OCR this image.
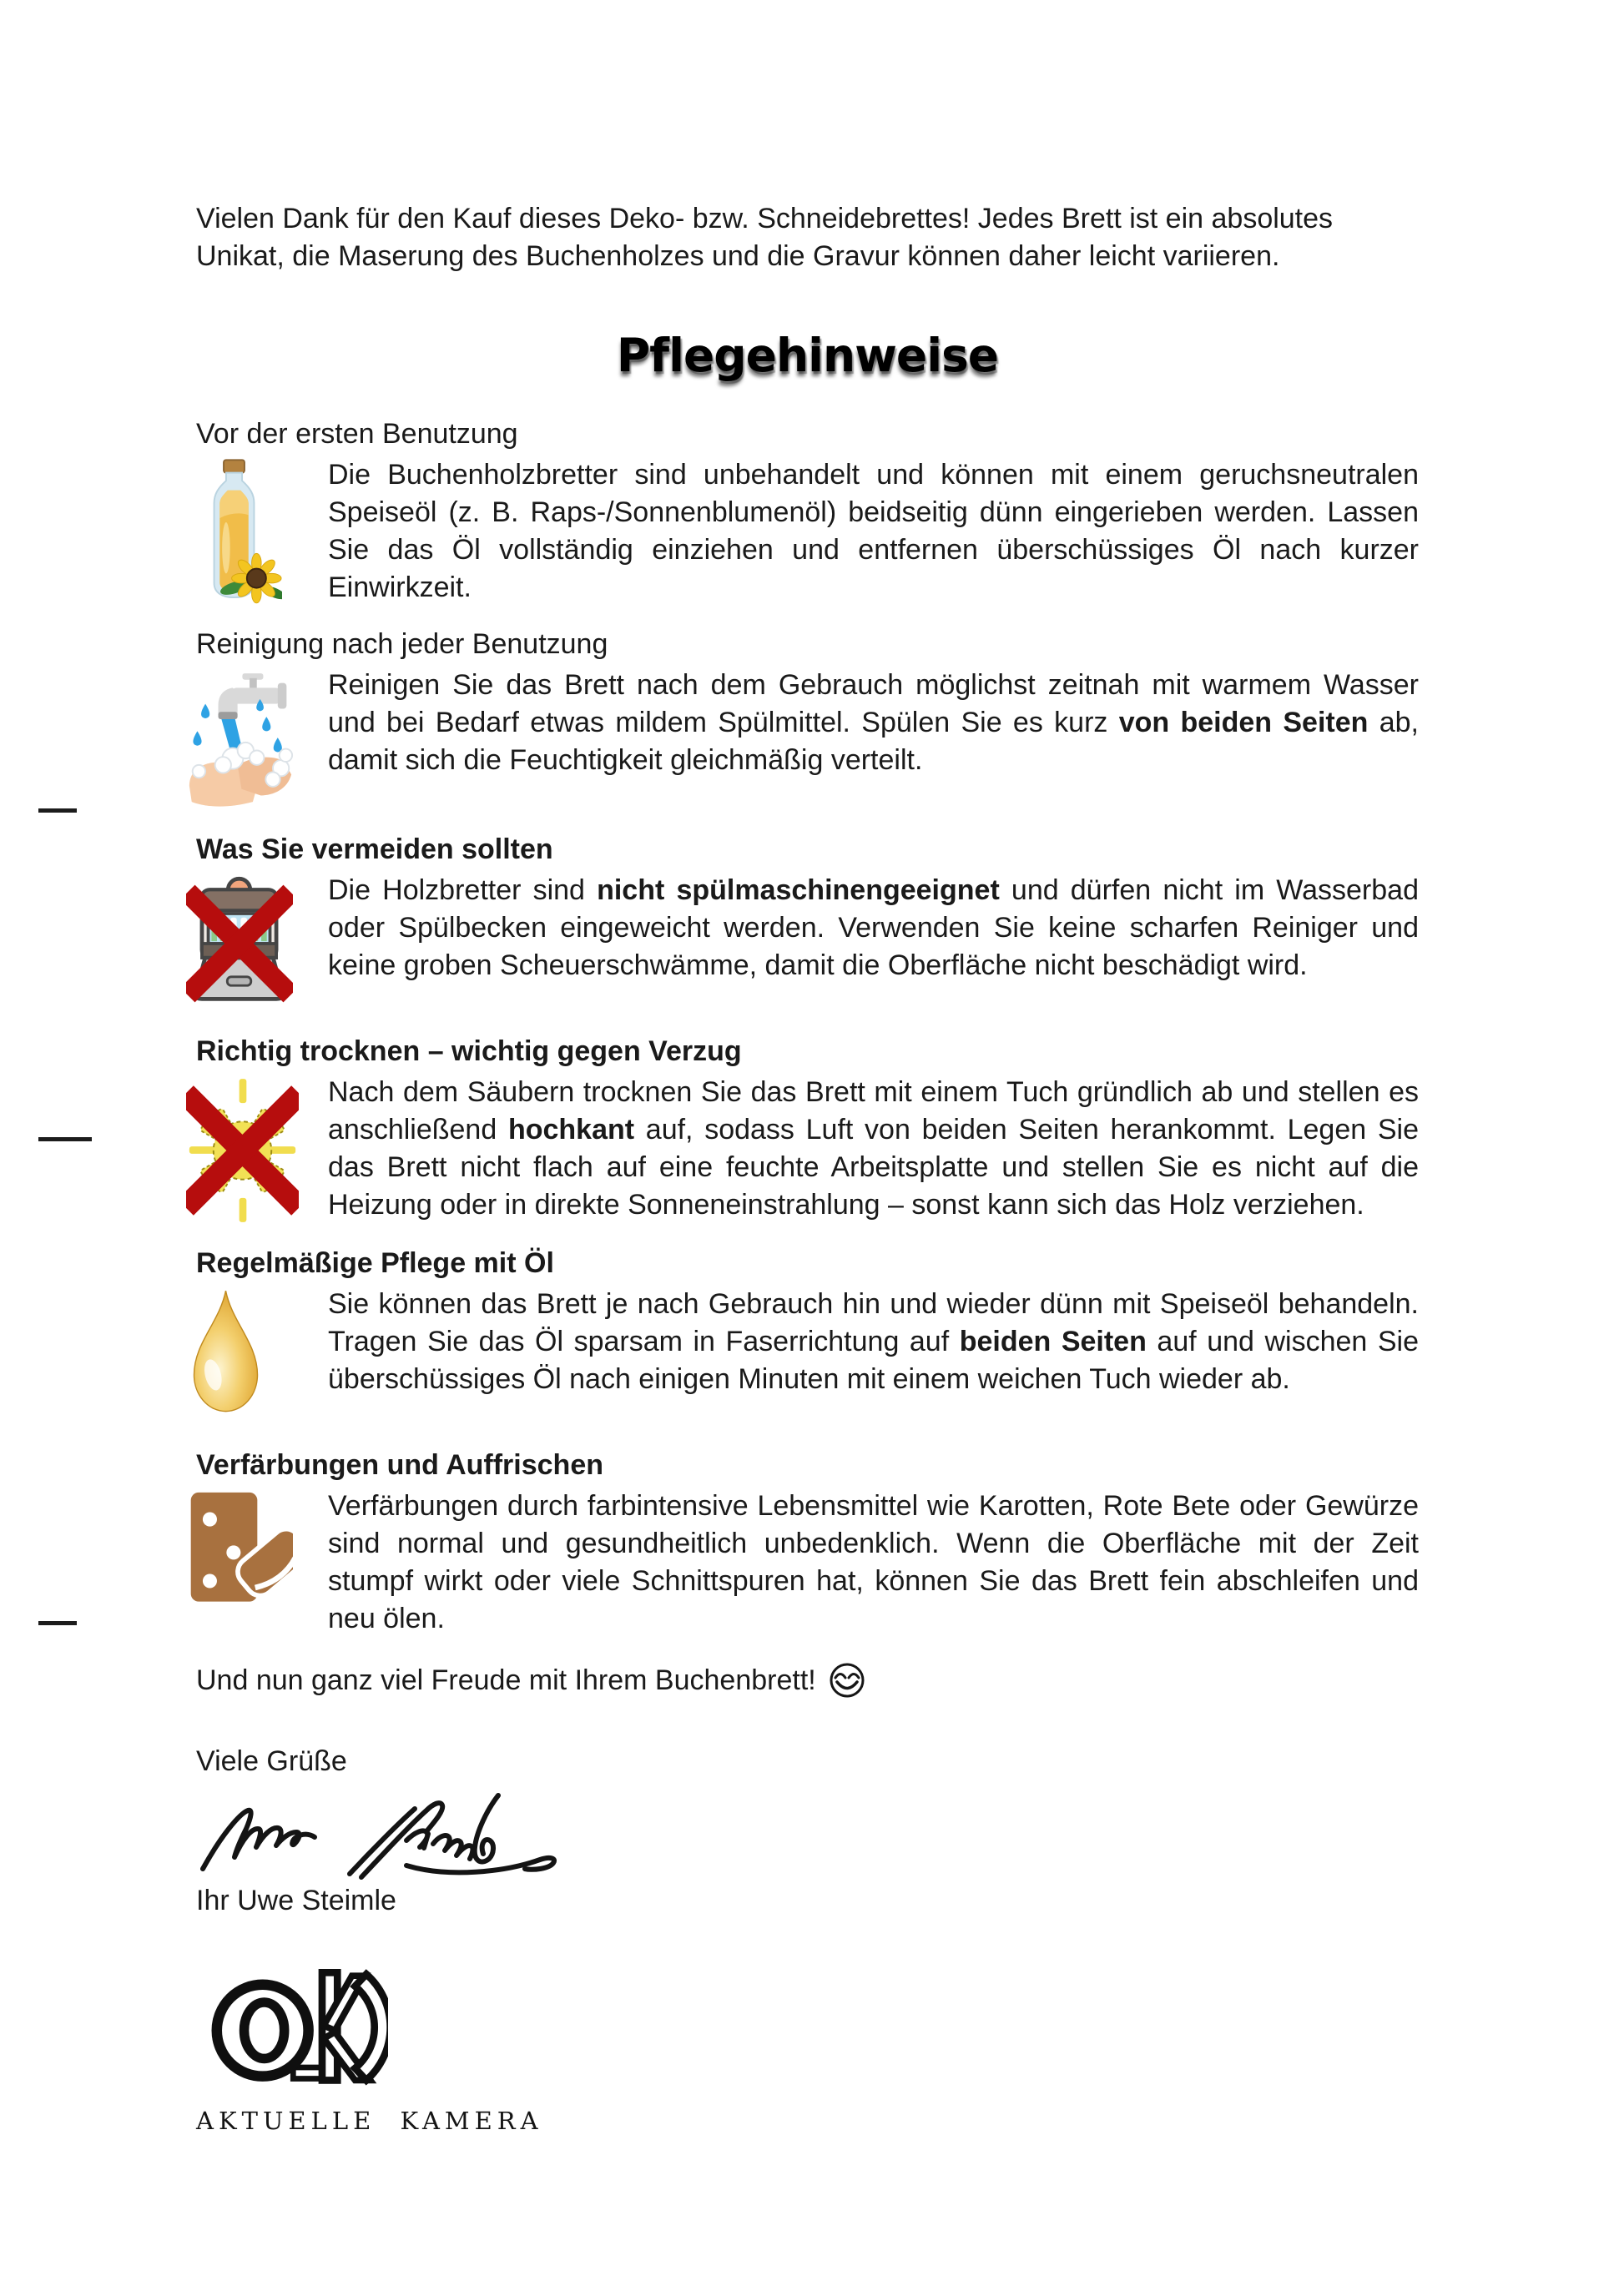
Vielen Dank für den Kauf dieses Deko- bzw. Schneidebrettes! Jedes Brett ist ein absolutes Unikat, die Maserung des Buchenholzes und die Gravur können daher leicht variieren.

Pflegehinweise
Vor der ersten Benutzung

Die Buchenholzbretter sind unbehandelt und können mit einem geruchsneutralen Speiseöl (z. B. Raps-/Sonnenblumenöl) beidseitig dünn eingerieben werden. Lassen Sie das Öl vollständig einziehen und entfernen überschüssiges Öl nach kurzer Einwirkzeit.

Reinigung nach jeder Benutzung

Reinigen Sie das Brett nach dem Gebrauch möglichst zeitnah mit warmem Wasser und bei Bedarf etwas mildem Spülmittel. Spülen Sie es kurz von beiden Seiten ab, damit sich die Feuchtigkeit gleichmäßig verteilt.

Was Sie vermeiden sollten

Die Holzbretter sind nicht spülmaschinengeeignet und dürfen nicht im Wasserbad oder Spülbecken eingeweicht werden. Verwenden Sie keine scharfen Reiniger und keine groben Scheuerschwämme, damit die Oberfläche nicht beschädigt wird.

Richtig trocknen – wichtig gegen Verzug

Nach dem Säubern trocknen Sie das Brett mit einem Tuch gründlich ab und stellen es anschließend hochkant auf, sodass Luft von beiden Seiten herankommt. Legen Sie das Brett nicht flach auf eine feuchte Arbeitsplatte und stellen Sie es nicht auf die Heizung oder in direkte Sonneneinstrahlung – sonst kann sich das Holz verziehen.

Regelmäßige Pflege mit Öl

Sie können das Brett je nach Gebrauch hin und wieder dünn mit Speiseöl behandeln. Tragen Sie das Öl sparsam in Faserrichtung auf beiden Seiten auf und wischen Sie überschüssiges Öl nach einigen Minuten mit einem weichen Tuch wieder ab.

Verfärbungen und Auffrischen

Verfärbungen durch farbintensive Lebensmittel wie Karotten, Rote Bete oder Gewürze sind normal und gesundheitlich unbedenklich. Wenn die Oberfläche mit der Zeit stumpf wirkt oder viele Schnittspuren hat, können Sie das Brett fein abschleifen und neu ölen.

Und nun ganz viel Freude mit Ihrem Buchenbrett!

Viele Grüße

Ihr Uwe Steimle

AKTUELLE KAMERA
